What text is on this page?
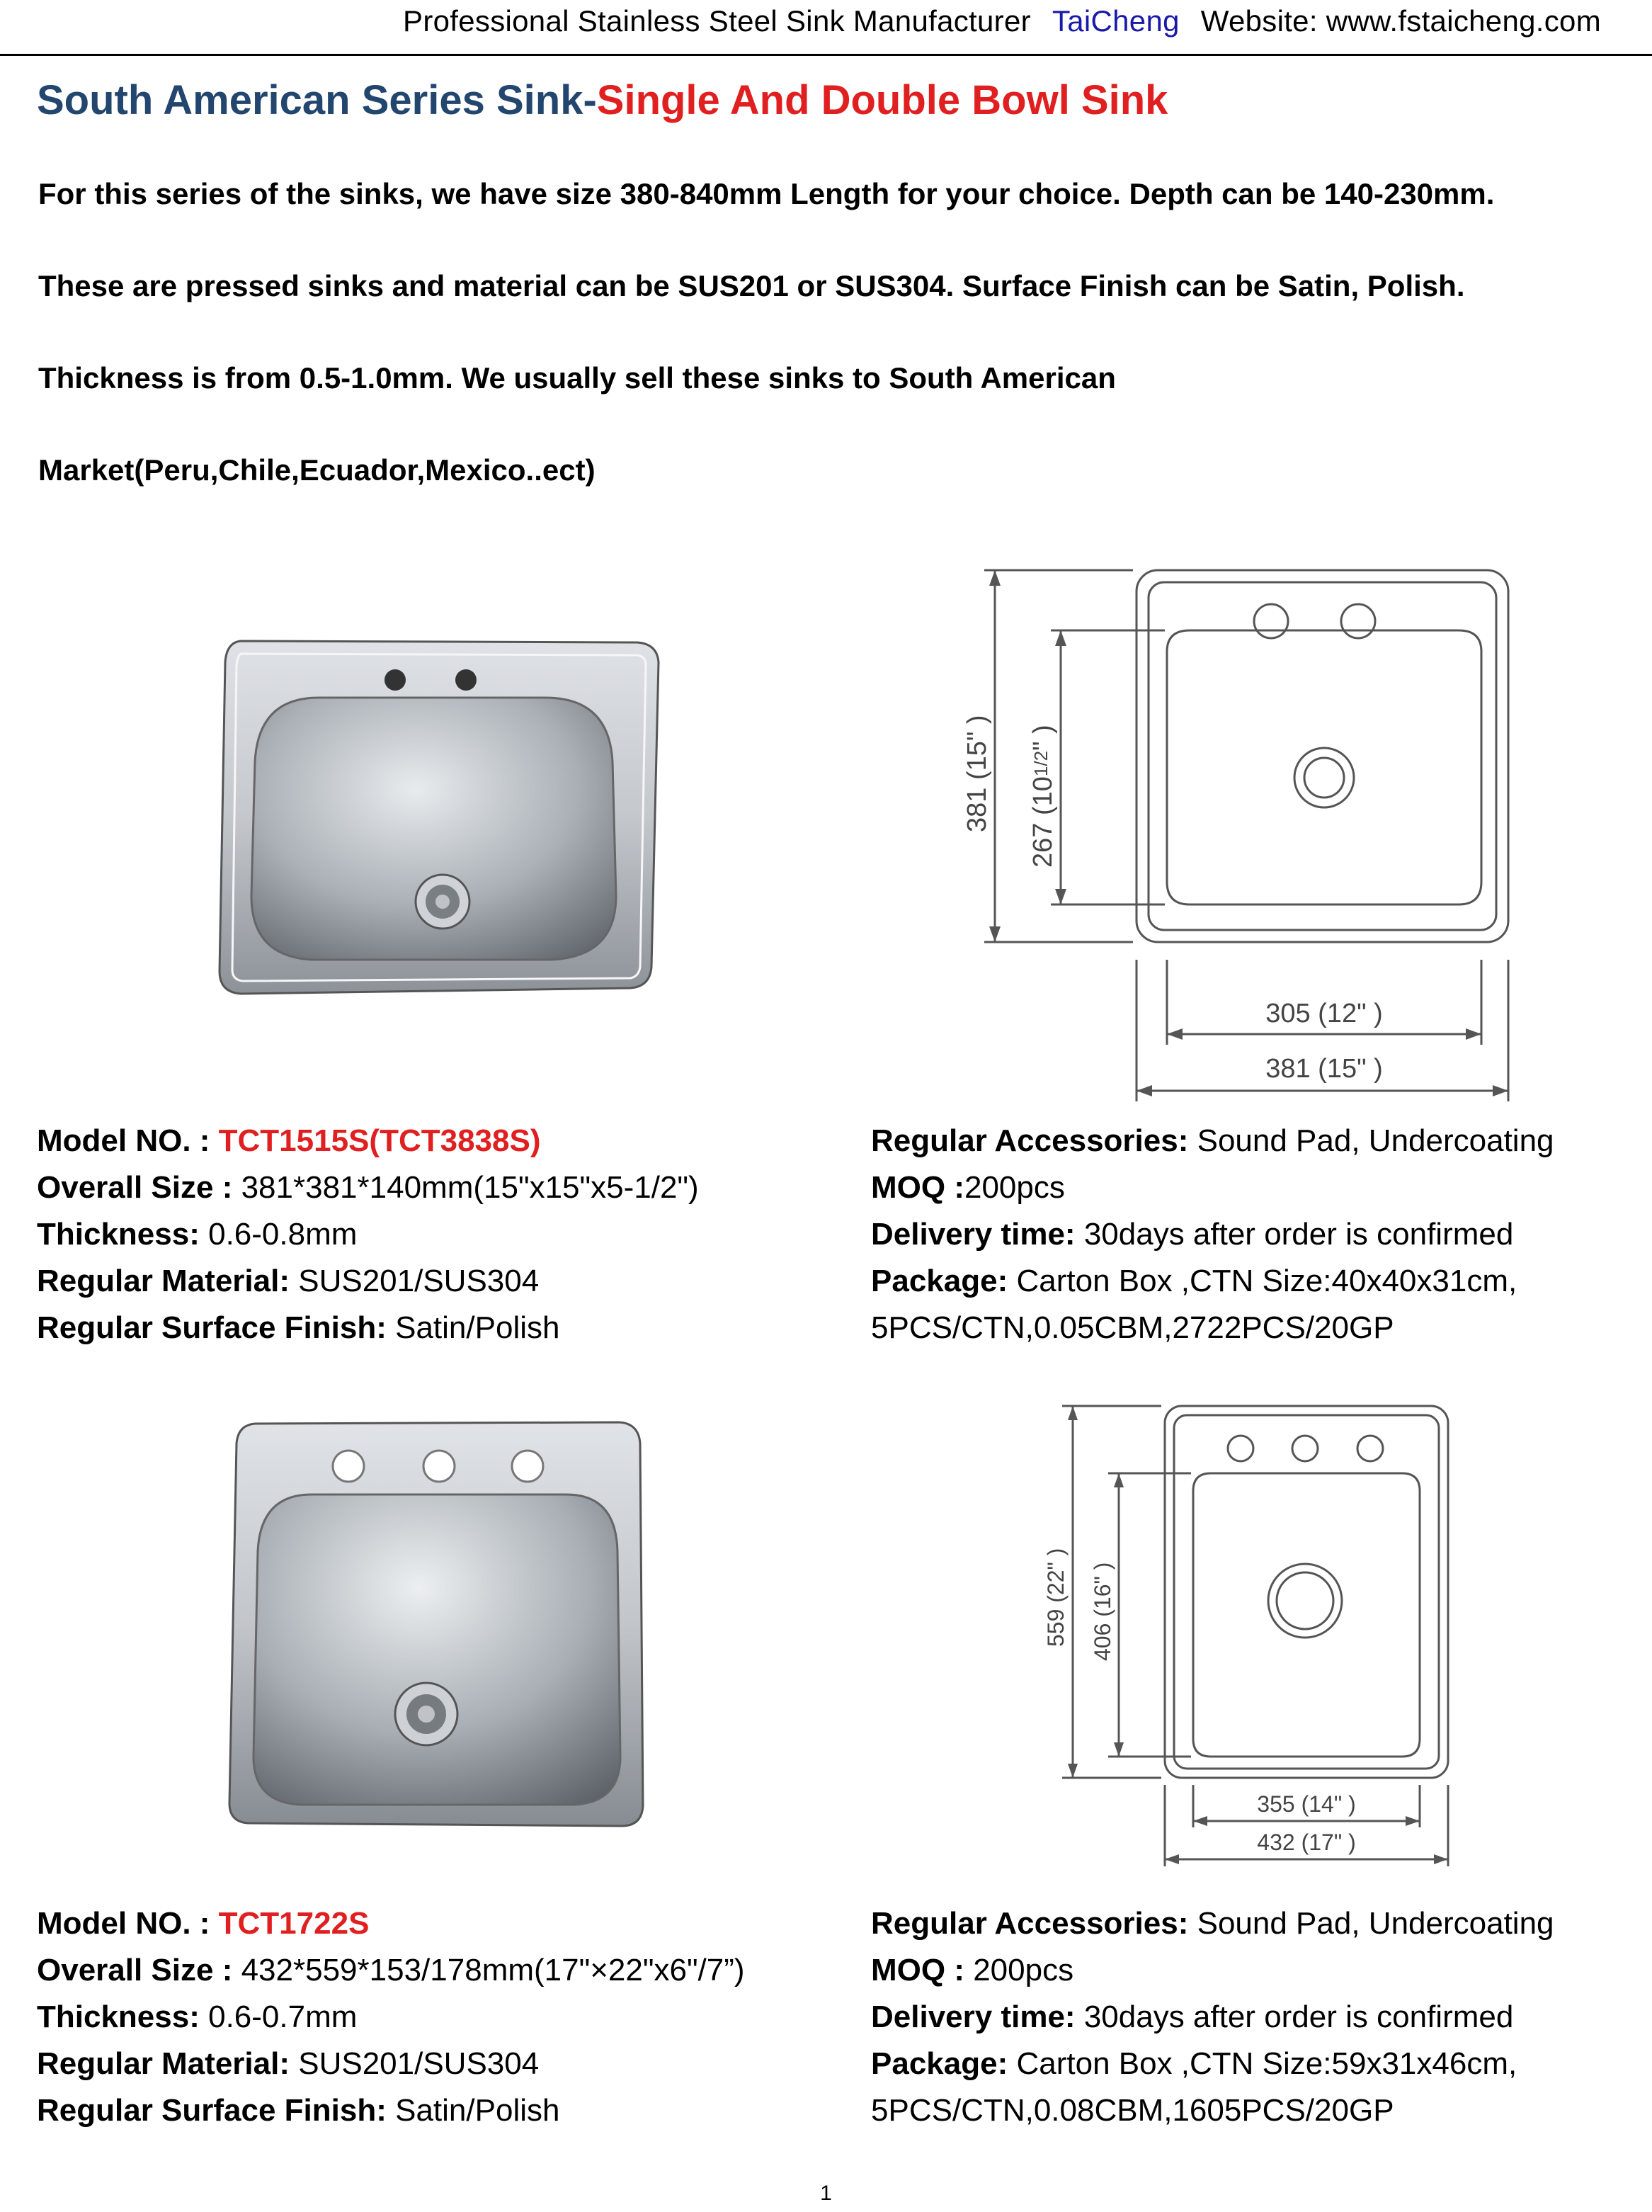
Professional Stainless Steel Sink Manufacturer TaiCheng Website: www.fstaicheng.com
South American Series Sink-Single And Double Bowl Sink
For this series of the sinks, we have size 380-840mm Length for your choice. Depth can be 140-230mm.
These are pressed sinks and material can be SUS201 or SUS304. Surface Finish can be Satin, Polish.
Thickness is from 0.5-1.0mm. We usually sell these sinks to South American
Market(Peru,Chile,Ecuador,Mexico..ect)
381 (15" ) 267 (101/2" )
305 (12" )
381 (15" )
Model NO. : TCT1515S(TCT3838S)
Overall Size : 381*381*140mm(15"x15"x5-1/2")
Thickness: 0.6-0.8mm
Regular Material: SUS201/SUS304
Regular Surface Finish: Satin/Polish
Regular Accessories: Sound Pad, Undercoating
MOQ :200pcs
Delivery time: 30days after order is confirmed
Package: Carton Box ,CTN Size:40x40x31cm,
5PCS/CTN,0.05CBM,2722PCS/20GP
559 (22" ) 406 (16" )
355 (14" )
432 (17" )
Model NO. : TCT1722S
Overall Size : 432*559*153/178mm(17"×22"x6"/7”)
Thickness: 0.6-0.7mm
Regular Material: SUS201/SUS304
Regular Surface Finish: Satin/Polish
Regular Accessories: Sound Pad, Undercoating
MOQ : 200pcs
Delivery time: 30days after order is confirmed
Package: Carton Box ,CTN Size:59x31x46cm,
5PCS/CTN,0.08CBM,1605PCS/20GP
1
